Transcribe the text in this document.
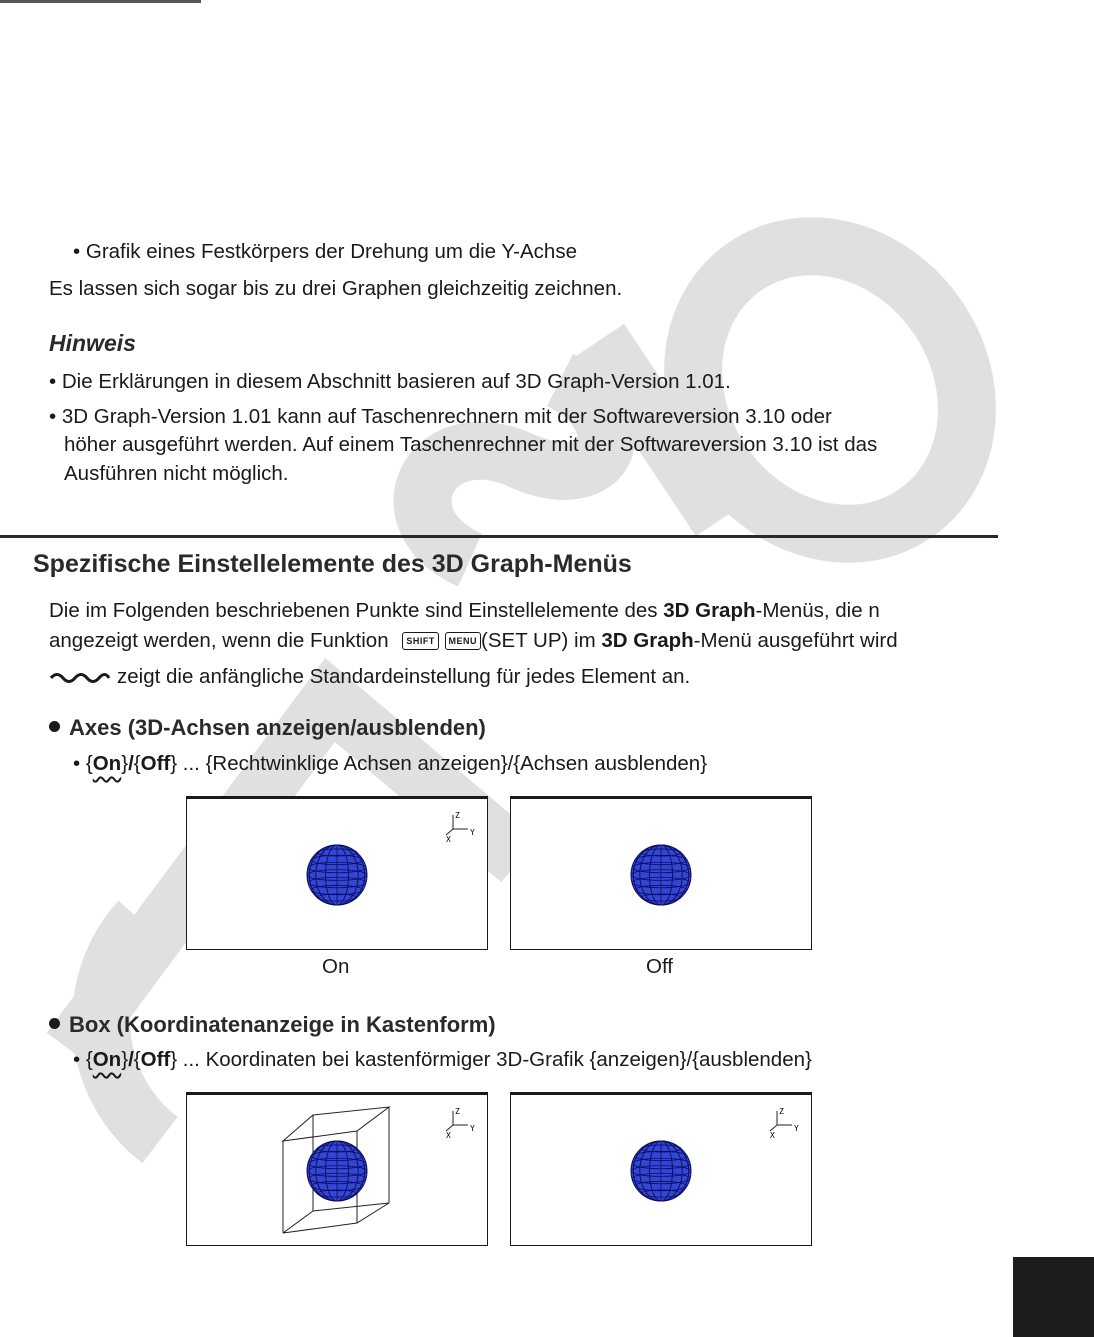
• Grafik eines Festkörpers der Drehung um die Y-Achse
Es lassen sich sogar bis zu drei Graphen gleichzeitig zeichnen.
Hinweis
• Die Erklärungen in diesem Abschnitt basieren auf 3D Graph-Version 1.01.
• 3D Graph-Version 1.01 kann auf Taschenrechnern mit der Softwareversion 3.10 oder
höher ausgeführt werden. Auf einem Taschenrechner mit der Softwareversion 3.10 ist das
Ausführen nicht möglich.
Spezifische Einstellelemente des 3D Graph-Menüs
Die im Folgenden beschriebenen Punkte sind Einstellelemente des 3D Graph-Menüs, die n
angezeigt werden, wenn die Funktion SHIFT MENU (SET UP) im 3D Graph-Menü ausgeführt wird
zeigt die anfängliche Standardeinstellung für jedes Element an.
Axes (3D-Achsen anzeigen/ausblenden)
• {On}/{Off} ... {Rechtwinklige Achsen anzeigen}/{Achsen ausblenden}
Z
Y
X
On	Off
Box (Koordinatenanzeige in Kastenform)
• {On}/{Off} ... Koordinaten bei kastenförmiger 3D-Grafik {anzeigen}/{ausblenden}
Z
Y
X
Z
Y
X
